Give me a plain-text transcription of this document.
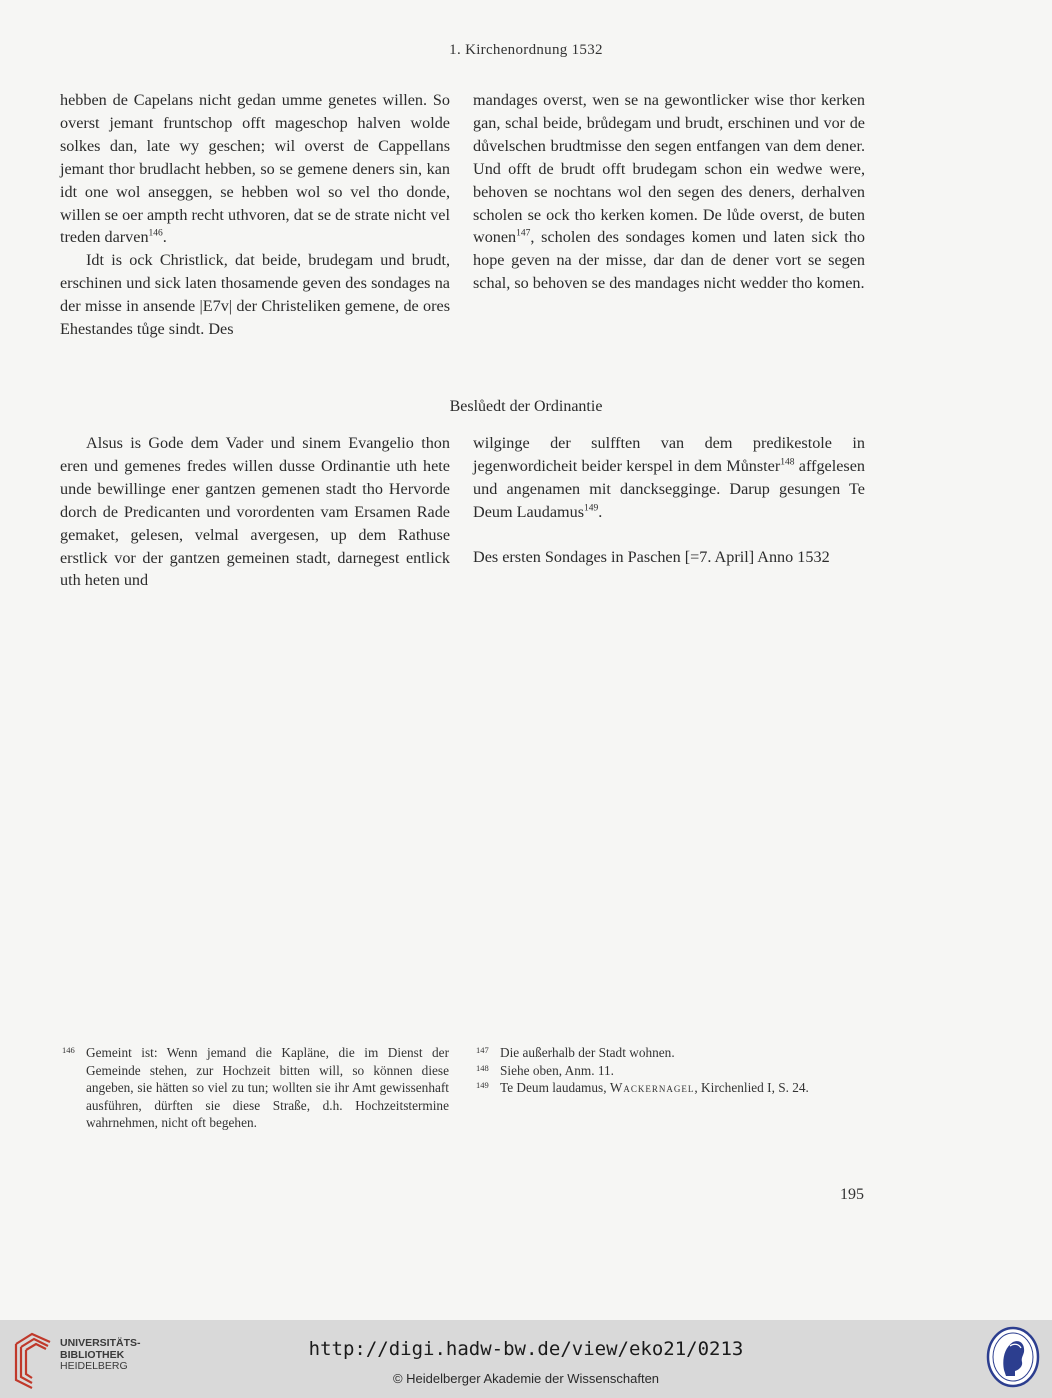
1. Kirchenordnung 1532

hebben de Capelans nicht gedan umme genetes willen. So overst jemant fruntschop offt mageschop halven wolde solkes dan, late wy geschen; wil overst de Cappellans jemant thor brudlacht hebben, so se gemene deners sin, kan idt one wol anseggen, se hebben wol so vel tho donde, willen se oer ampth recht uthvoren, dat se de strate nicht vel treden darven$^{146}$.

Idt is ock Christlick, dat beide, brudegam und brudt, erschinen und sick laten thosamende geven des sondages na der misse in ansende |E7v| der Christeliken gemene, de ores Ehestandes tůge sindt. Des

mandages overst, wen se na gewontlicker wise thor kerken gan, schal beide, brůdegam und brudt, erschinen und vor de důvelschen brudtmisse den segen entfangen van dem dener. Und offt de brudt offt brudegam schon ein wedwe were, behoven se nochtans wol den segen des deners, derhalven scholen se ock tho kerken komen. De lůde overst, de buten wonen$^{147}$, scholen des sondages komen und laten sick tho hope geven na der misse, dar dan de dener vort se segen schal, so behoven se des mandages nicht wedder tho komen.

Beslůedt der Ordinantie

Alsus is Gode dem Vader und sinem Evangelio thon eren und gemenes fredes willen dusse Ordinantie uth hete unde bewillinge ener gantzen gemenen stadt tho Hervorde dorch de Predicanten und vorordenten vam Ersamen Rade gemaket, gelesen, velmal avergesen, up dem Rathuse erstlick vor der gantzen gemeinen stadt, darnegest entlick uth heten und

wilginge der sulfften van dem predikestole in jegenwordicheit beider kerspel in dem Můnster$^{148}$ affgelesen und angenamen mit dancksegginge. Darup gesungen Te Deum Laudamus$^{149}$.

Des ersten Sondages in Paschen [=7. April] Anno 1532

146 Gemeint ist: Wenn jemand die Kapläne, die im Dienst der Gemeinde stehen, zur Hochzeit bitten will, so können diese angeben, sie hätten so viel zu tun; wollten sie ihr Amt gewissenhaft ausführen, dürften sie diese Straße, d.h. Hochzeitstermine wahrnehmen, nicht oft begehen.

147 Die außerhalb der Stadt wohnen.

148 Siehe oben, Anm. 11.

149 Te Deum laudamus, Wackernagel, Kirchenlied I, S. 24.

195
UNIVERSITÄTS-
BIBLIOTHEK
HEIDELBERG
http://digi.hadw-bw.de/view/eko21/0213
© Heidelberger Akademie der Wissenschaften
